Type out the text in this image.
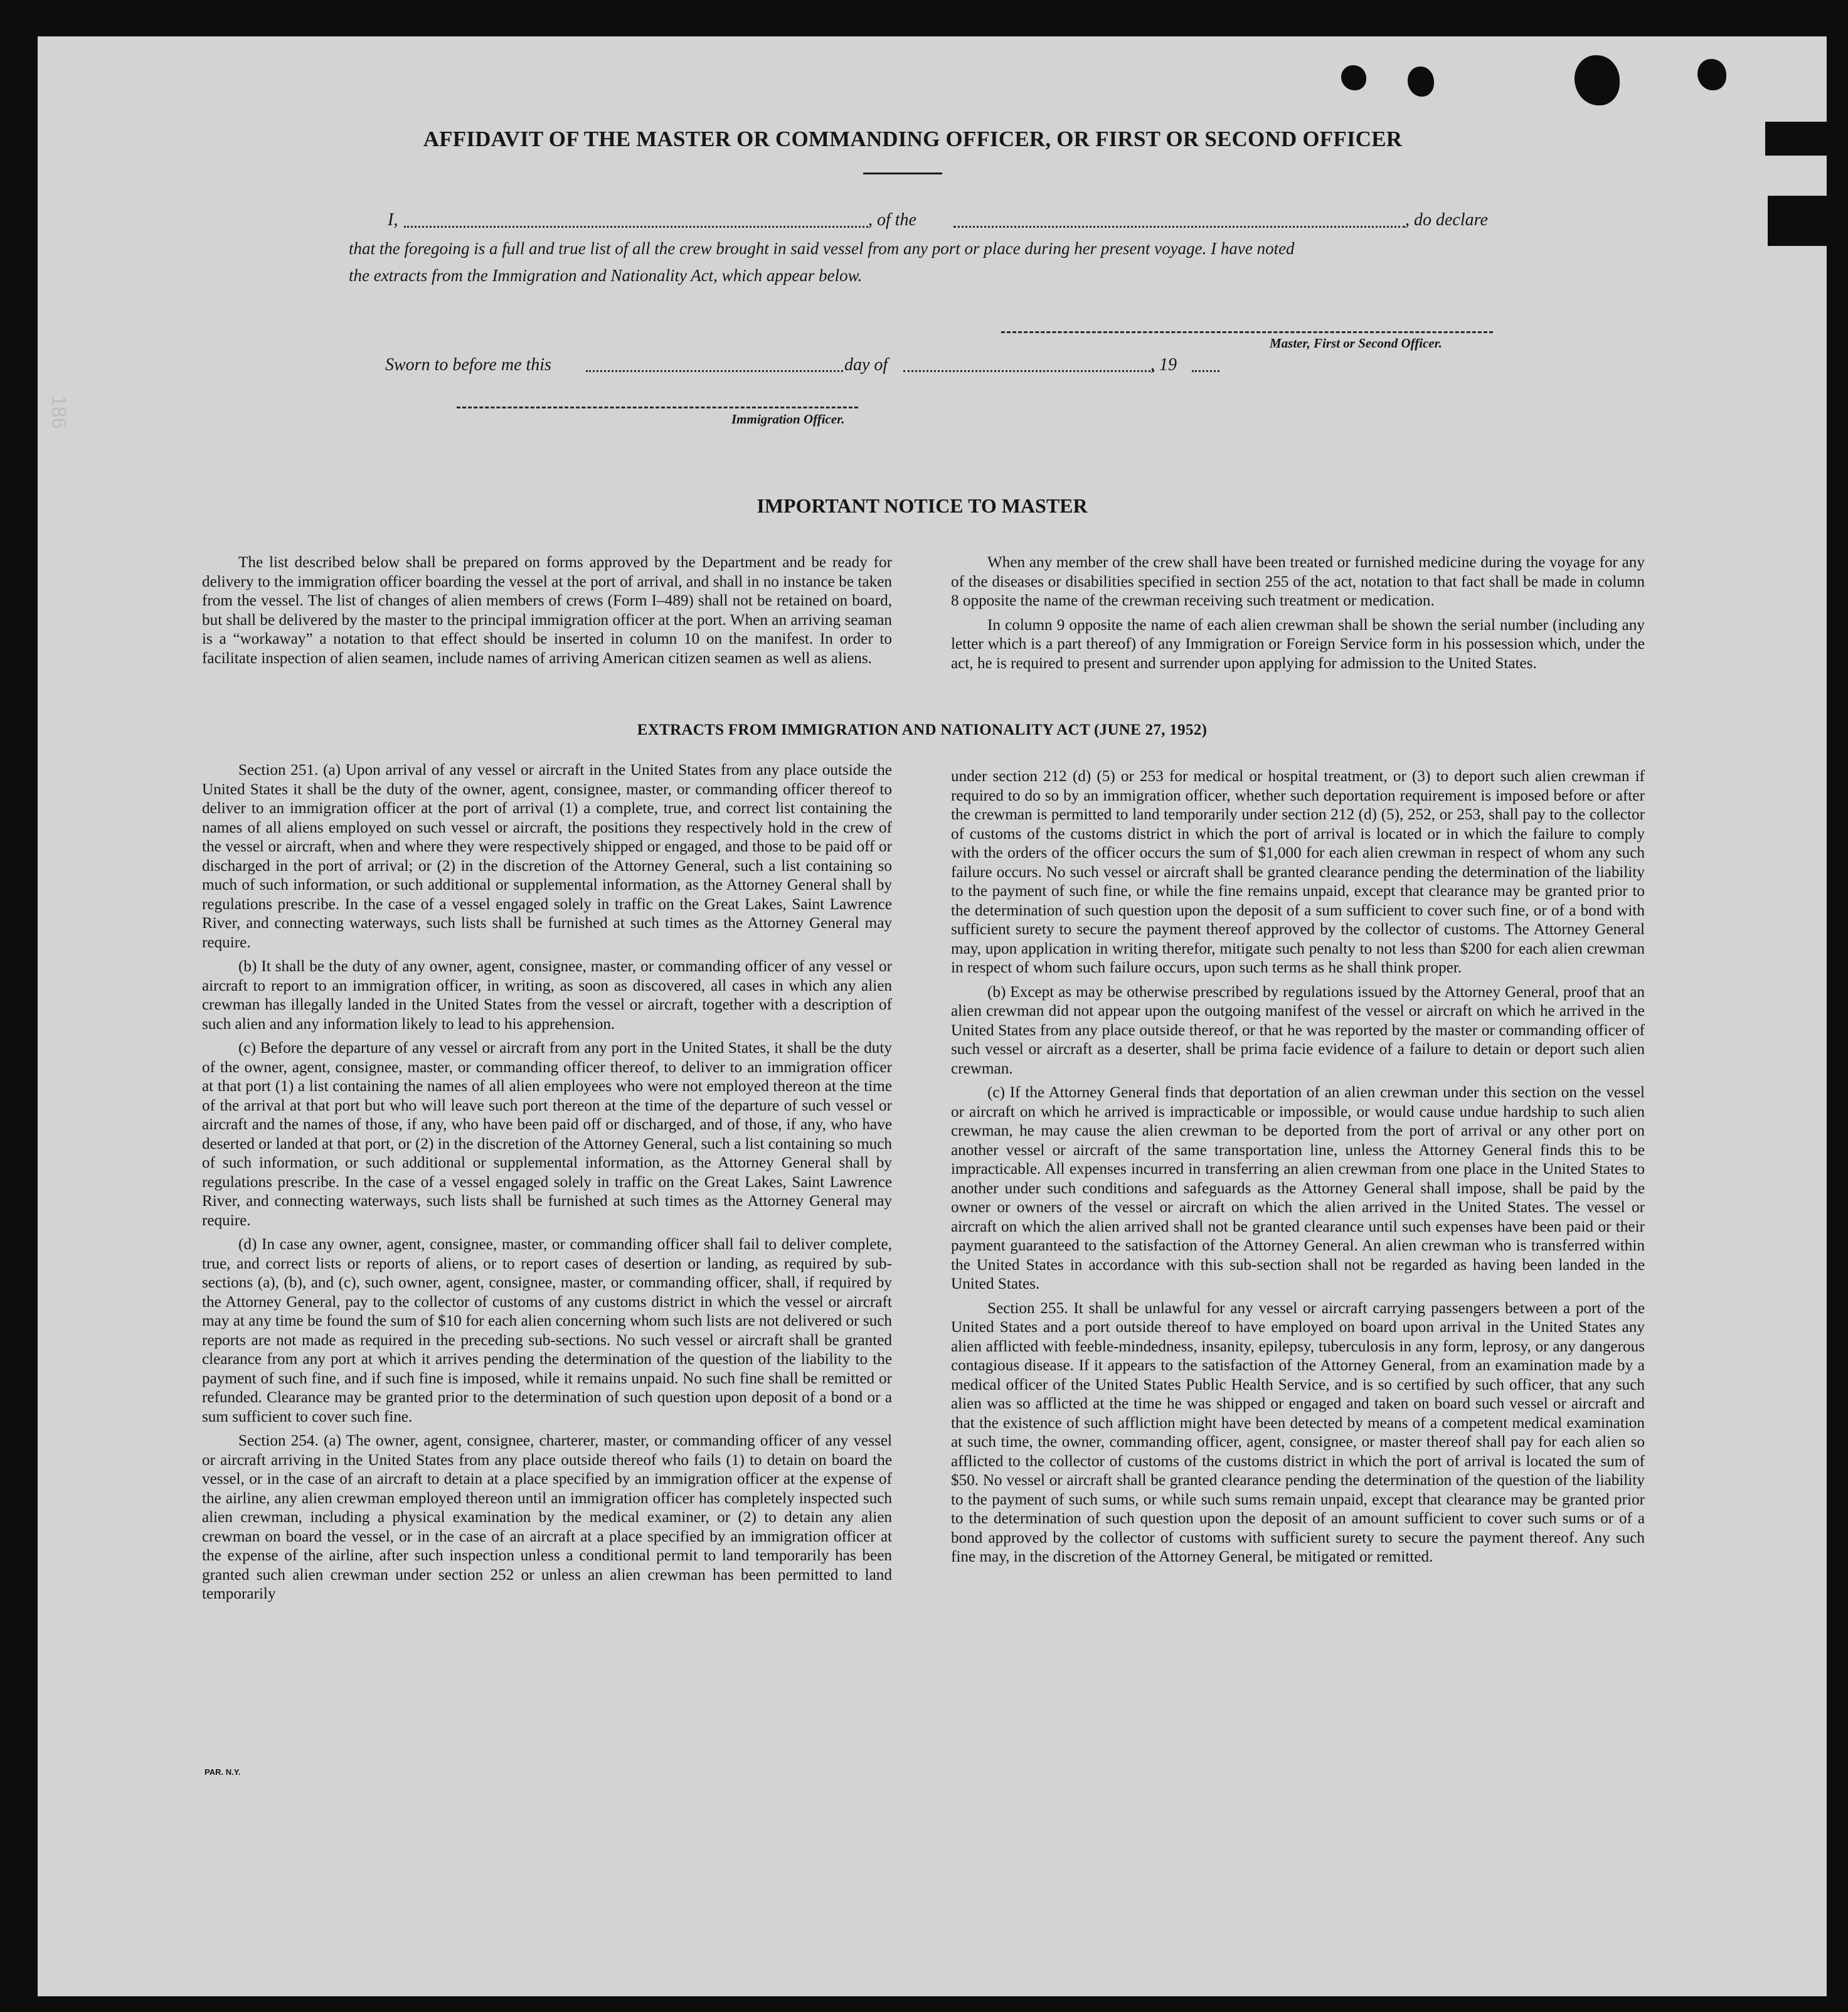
186
AFFIDAVIT OF THE MASTER OR COMMANDING OFFICER, OR FIRST OR SECOND OFFICER
I,	, of the	, do declare
that the foregoing is a full and true list of all the crew brought in said vessel from any port or place during her present voyage. I have noted
the extracts from the Immigration and Nationality Act, which appear below.
Master, First or Second Officer.
Sworn to before me this	day of	, 19
Immigration Officer.
IMPORTANT NOTICE TO MASTER

The list described below shall be prepared on forms approved by the Department and be ready for delivery to the immigration officer boarding the vessel at the port of arrival, and shall in no instance be taken from the vessel. The list of changes of alien members of crews (Form I–489) shall not be retained on board, but shall be delivered by the master to the principal immigration officer at the port. When an arriving seaman is a “workaway” a notation to that effect should be inserted in column 10 on the manifest. In order to facilitate inspection of alien seamen, include names of arriving American citizen seamen as well as aliens.

When any member of the crew shall have been treated or furnished medicine during the voyage for any of the diseases or disabilities specified in section 255 of the act, notation to that fact shall be made in column 8 opposite the name of the crewman receiving such treatment or medication.

In column 9 opposite the name of each alien crewman shall be shown the serial number (including any letter which is a part thereof) of any Immigration or Foreign Service form in his possession which, under the act, he is required to present and surrender upon applying for admission to the United States.

EXTRACTS FROM IMMIGRATION AND NATIONALITY ACT (JUNE 27, 1952)

Section 251. (a) Upon arrival of any vessel or aircraft in the United States from any place outside the United States it shall be the duty of the owner, agent, consignee, master, or commanding officer thereof to deliver to an immigration officer at the port of arrival (1) a complete, true, and correct list containing the names of all aliens employed on such vessel or aircraft, the positions they respectively hold in the crew of the vessel or aircraft, when and where they were respectively shipped or engaged, and those to be paid off or discharged in the port of arrival; or (2) in the discretion of the Attorney General, such a list containing so much of such information, or such additional or supplemental information, as the Attorney General shall by regulations prescribe. In the case of a vessel engaged solely in traffic on the Great Lakes, Saint Lawrence River, and connecting waterways, such lists shall be furnished at such times as the Attorney General may require.

(b) It shall be the duty of any owner, agent, consignee, master, or commanding officer of any vessel or aircraft to report to an immigration officer, in writing, as soon as discovered, all cases in which any alien crewman has illegally landed in the United States from the vessel or aircraft, together with a description of such alien and any information likely to lead to his apprehension.

(c) Before the departure of any vessel or aircraft from any port in the United States, it shall be the duty of the owner, agent, consignee, master, or commanding officer thereof, to deliver to an immigration officer at that port (1) a list containing the names of all alien employees who were not employed thereon at the time of the arrival at that port but who will leave such port thereon at the time of the departure of such vessel or aircraft and the names of those, if any, who have been paid off or discharged, and of those, if any, who have deserted or landed at that port, or (2) in the discretion of the Attorney General, such a list containing so much of such information, or such additional or supplemental information, as the Attorney General shall by regulations prescribe. In the case of a vessel engaged solely in traffic on the Great Lakes, Saint Lawrence River, and connecting waterways, such lists shall be furnished at such times as the Attorney General may require.

(d) In case any owner, agent, consignee, master, or commanding officer shall fail to deliver complete, true, and correct lists or reports of aliens, or to report cases of desertion or landing, as required by sub-sections (a), (b), and (c), such owner, agent, consignee, master, or commanding officer, shall, if required by the Attorney General, pay to the collector of customs of any customs district in which the vessel or aircraft may at any time be found the sum of $10 for each alien concerning whom such lists are not delivered or such reports are not made as required in the preceding sub-sections. No such vessel or aircraft shall be granted clearance from any port at which it arrives pending the determination of the question of the liability to the payment of such fine, and if such fine is imposed, while it remains unpaid. No such fine shall be remitted or refunded. Clearance may be granted prior to the determination of such question upon deposit of a bond or a sum sufficient to cover such fine.

Section 254. (a) The owner, agent, consignee, charterer, master, or commanding officer of any vessel or aircraft arriving in the United States from any place outside thereof who fails (1) to detain on board the vessel, or in the case of an aircraft to detain at a place specified by an immigration officer at the expense of the airline, any alien crewman employed thereon until an immigration officer has completely inspected such alien crewman, including a physical examination by the medical examiner, or (2) to detain any alien crewman on board the vessel, or in the case of an aircraft at a place specified by an immigration officer at the expense of the airline, after such inspection unless a conditional permit to land temporarily has been granted such alien crewman under section 252 or unless an alien crewman has been permitted to land temporarily

under section 212 (d) (5) or 253 for medical or hospital treatment, or (3) to deport such alien crewman if required to do so by an immigration officer, whether such deportation requirement is imposed before or after the crewman is permitted to land temporarily under section 212 (d) (5), 252, or 253, shall pay to the collector of customs of the customs district in which the port of arrival is located or in which the failure to comply with the orders of the officer occurs the sum of $1,000 for each alien crewman in respect of whom any such failure occurs. No such vessel or aircraft shall be granted clearance pending the determination of the liability to the payment of such fine, or while the fine remains unpaid, except that clearance may be granted prior to the determination of such question upon the deposit of a sum sufficient to cover such fine, or of a bond with sufficient surety to secure the payment thereof approved by the collector of customs. The Attorney General may, upon application in writing therefor, mitigate such penalty to not less than $200 for each alien crewman in respect of whom such failure occurs, upon such terms as he shall think proper.

(b) Except as may be otherwise prescribed by regulations issued by the Attorney General, proof that an alien crewman did not appear upon the outgoing manifest of the vessel or aircraft on which he arrived in the United States from any place outside thereof, or that he was reported by the master or commanding officer of such vessel or aircraft as a deserter, shall be prima facie evidence of a failure to detain or deport such alien crewman.

(c) If the Attorney General finds that deportation of an alien crewman under this section on the vessel or aircraft on which he arrived is impracticable or impossible, or would cause undue hardship to such alien crewman, he may cause the alien crewman to be deported from the port of arrival or any other port on another vessel or aircraft of the same transportation line, unless the Attorney General finds this to be impracticable. All expenses incurred in transferring an alien crewman from one place in the United States to another under such conditions and safeguards as the Attorney General shall impose, shall be paid by the owner or owners of the vessel or aircraft on which the alien arrived in the United States. The vessel or aircraft on which the alien arrived shall not be granted clearance until such expenses have been paid or their payment guaranteed to the satisfaction of the Attorney General. An alien crewman who is transferred within the United States in accordance with this sub-section shall not be regarded as having been landed in the United States.

Section 255. It shall be unlawful for any vessel or aircraft carrying passengers between a port of the United States and a port outside thereof to have employed on board upon arrival in the United States any alien afflicted with feeble-mindedness, insanity, epilepsy, tuberculosis in any form, leprosy, or any dangerous contagious disease. If it appears to the satisfaction of the Attorney General, from an examination made by a medical officer of the United States Public Health Service, and is so certified by such officer, that any such alien was so afflicted at the time he was shipped or engaged and taken on board such vessel or aircraft and that the existence of such affliction might have been detected by means of a competent medical examination at such time, the owner, commanding officer, agent, consignee, or master thereof shall pay for each alien so afflicted to the collector of customs of the customs district in which the port of arrival is located the sum of $50. No vessel or aircraft shall be granted clearance pending the determination of the question of the liability to the payment of such sums, or while such sums remain unpaid, except that clearance may be granted prior to the determination of such question upon the deposit of an amount sufficient to cover such sums or of a bond approved by the collector of customs with sufficient surety to secure the payment thereof. Any such fine may, in the discretion of the Attorney General, be mitigated or remitted.

PAR. N.Y.
